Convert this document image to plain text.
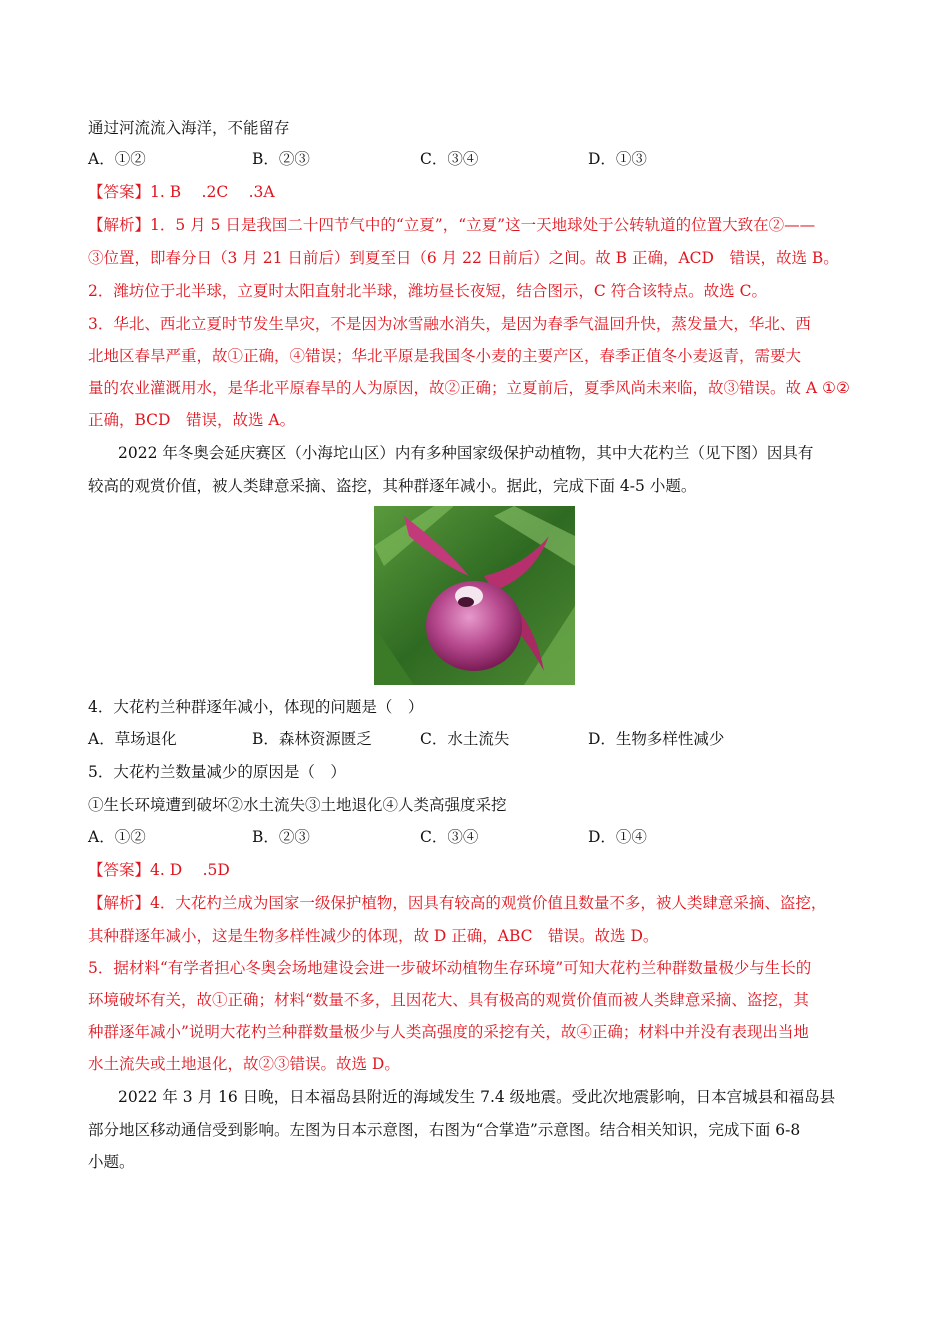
通过河流流入海洋，不能留存
A．①②	B．②③	C．③④	D．①③
【答案】1. B　 .2C　 .3A
【解析】1．5 月 5 日是我国二十四节气中的“立夏”，“立夏”这一天地球处于公转轨道的位置大致在②——
③位置，即春分日（3 月 21 日前后）到夏至日（6 月 22 日前后）之间。故 B 正确，ACD　错误，故选 B。
2．潍坊位于北半球，立夏时太阳直射北半球，潍坊昼长夜短，结合图示，C 符合该特点。故选 C。
3．华北、西北立夏时节发生旱灾，不是因为冰雪融水消失，是因为春季气温回升快，蒸发量大，华北、西
北地区春旱严重，故①正确，④错误；华北平原是我国冬小麦的主要产区，春季正值冬小麦返青，需要大
量的农业灌溉用水，是华北平原春旱的人为原因，故②正确；立夏前后，夏季风尚未来临，故③错误。故 A ①②
正确，BCD　错误，故选 A。
2022 年冬奥会延庆赛区（小海坨山区）内有多种国家级保护动植物，其中大花杓兰（见下图）因具有
较高的观赏价值，被人类肆意采摘、盗挖，其种群逐年减小。据此，完成下面 4-5 小题。
4．大花杓兰种群逐年减小，体现的问题是（　）
A．草场退化	B．森林资源匮乏	C．水土流失	D．生物多样性减少
5．大花杓兰数量减少的原因是（　）
①生长环境遭到破坏②水土流失③土地退化④人类高强度采挖
A．①②	B．②③	C．③④	D．①④
【答案】4. D　 .5D
【解析】4．大花杓兰成为国家一级保护植物，因具有较高的观赏价值且数量不多，被人类肆意采摘、盗挖，
其种群逐年减小，这是生物多样性减少的体现，故 D 正确，ABC　错误。故选 D。
5．据材料“有学者担心冬奥会场地建设会进一步破坏动植物生存环境”可知大花杓兰种群数量极少与生长的
环境破坏有关，故①正确；材料“数量不多，且因花大、具有极高的观赏价值而被人类肆意采摘、盗挖，其
种群逐年减小”说明大花杓兰种群数量极少与人类高强度的采挖有关，故④正确；材料中并没有表现出当地
水土流失或土地退化，故②③错误。故选 D。
2022 年 3 月 16 日晚，日本福岛县附近的海域发生 7.4 级地震。受此次地震影响，日本宫城县和福岛县
部分地区移动通信受到影响。左图为日本示意图，右图为“合掌造”示意图。结合相关知识，完成下面 6-8
小题。
